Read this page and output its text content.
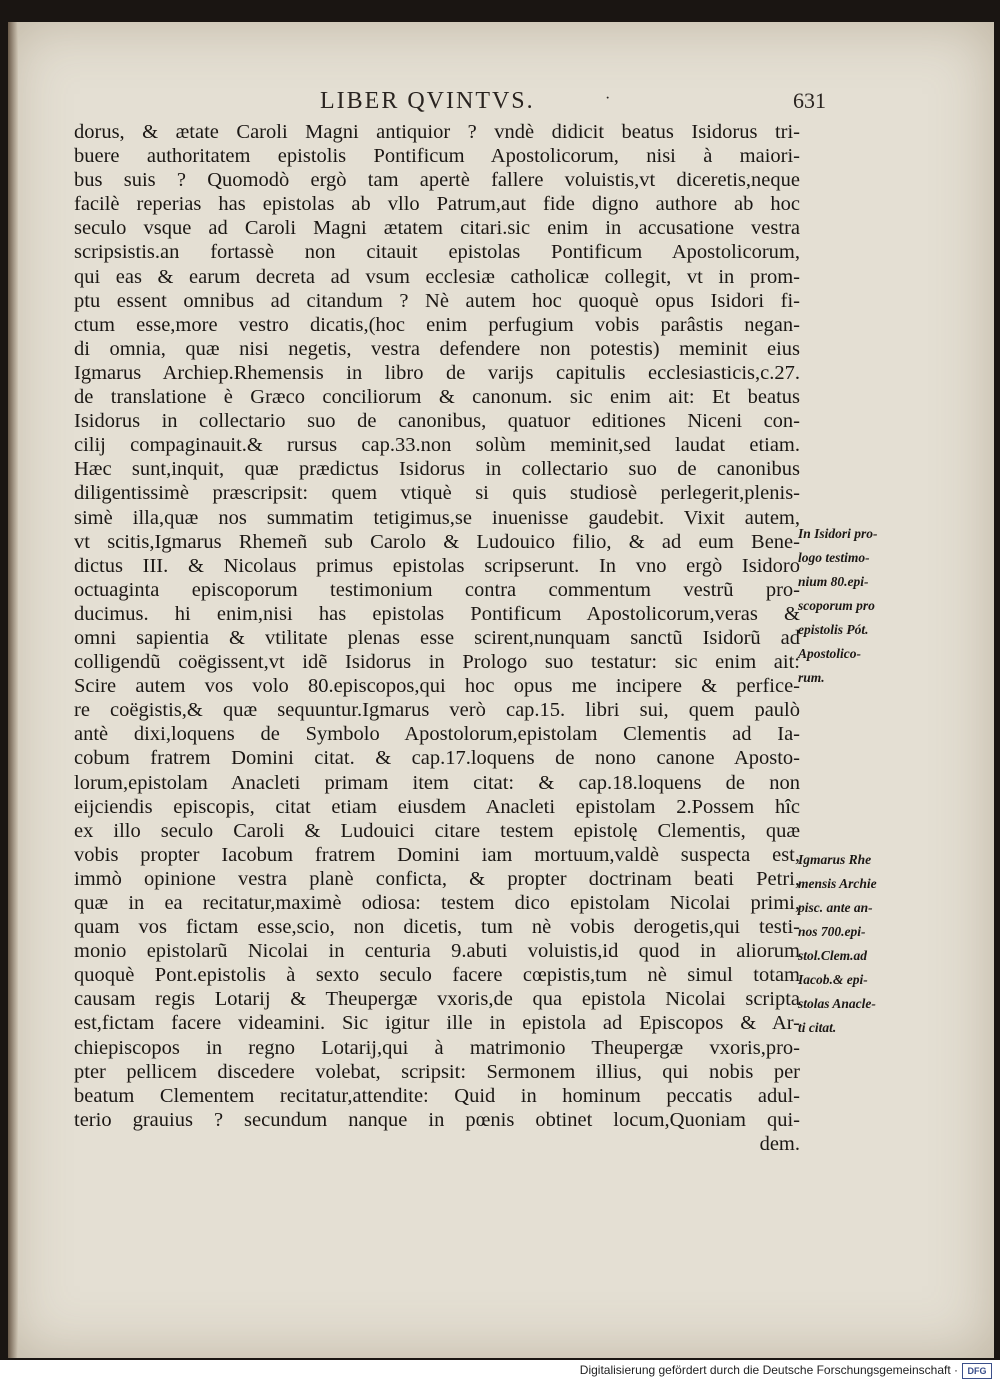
LIBER QVINTVS.	·	631
dorus, & ætate Caroli Magni antiquior ? vndè didicit beatus Isidorus tri-
buere authoritatem epistolis Pontificum Apostolicorum, nisi à maiori-
bus suis ? Quomodò ergò tam apertè fallere voluistis,vt diceretis,neque
facilè reperias has epistolas ab vllo Patrum,aut fide digno authore ab hoc
seculo vsque ad Caroli Magni ætatem citari.sic enim in accusatione vestra
scripsistis.an fortassè non citauit epistolas Pontificum Apostolicorum,
qui eas & earum decreta ad vsum ecclesiæ catholicæ collegit, vt in prom-
ptu essent omnibus ad citandum ? Nè autem hoc quoquè opus Isidori fi-
ctum esse,more vestro dicatis,(hoc enim perfugium vobis parâstis negan-
di omnia, quæ nisi negetis, vestra defendere non potestis) meminit eius
Igmarus Archiep.Rhemensis in libro de varijs capitulis ecclesiasticis,c.27.
de translatione è Græco conciliorum & canonum. sic enim ait: Et beatus
Isidorus in collectario suo de canonibus, quatuor editiones Niceni con-
cilij compaginauit.& rursus cap.33.non solùm meminit,sed laudat etiam.
Hæc sunt,inquit, quæ prædictus Isidorus in collectario suo de canonibus
diligentissimè præscripsit: quem vtiquè si quis studiosè perlegerit,plenis-
simè illa,quæ nos summatim tetigimus,se inuenisse gaudebit. Vixit autem,
vt scitis,Igmarus Rhemeñ sub Carolo & Ludouico filio, & ad eum Bene-
dictus III. & Nicolaus primus epistolas scripserunt. In vno ergò Isidoro
octuaginta episcoporum testimonium contra commentum vestrũ pro-
ducimus. hi enim,nisi has epistolas Pontificum Apostolicorum,veras &
omni sapientia & vtilitate plenas esse scirent,nunquam sanctũ Isidorũ ad
colligendũ coëgissent,vt idẽ Isidorus in Prologo suo testatur: sic enim ait:
Scire autem vos volo 80.episcopos,qui hoc opus me incipere & perfice-
re coëgistis,& quæ sequuntur.Igmarus verò cap.15. libri sui, quem paulò
antè dixi,loquens de Symbolo Apostolorum,epistolam Clementis ad Ia-
cobum fratrem Domini citat. & cap.17.loquens de nono canone Aposto-
lorum,epistolam Anacleti primam item citat: & cap.18.loquens de non
eijciendis episcopis, citat etiam eiusdem Anacleti epistolam 2.Possem hîc
ex illo seculo Caroli & Ludouici citare testem epistolę Clementis, quæ
vobis propter Iacobum fratrem Domini iam mortuum,valdè suspecta est,
immò opinione vestra planè conficta, & propter doctrinam beati Petri,
quæ in ea recitatur,maximè odiosa: testem dico epistolam Nicolai primi,
quam vos fictam esse,scio, non dicetis, tum nè vobis derogetis,qui testi-
monio epistolarũ Nicolai in centuria 9.abuti voluistis,id quod in aliorum
quoquè Pont.epistolis à sexto seculo facere cœpistis,tum nè simul totam
causam regis Lotarij & Theupergæ vxoris,de qua epistola Nicolai scripta
est,fictam facere videamini. Sic igitur ille in epistola ad Episcopos & Ar-
chiepiscopos in regno Lotarij,qui à matrimonio Theupergæ vxoris,pro-
pter pellicem discedere volebat, scripsit: Sermonem illius, qui nobis per
beatum Clementem recitatur,attendite: Quid in hominum peccatis adul-
terio grauius ? secundum nanque in pœnis obtinet locum,Quoniam qui-
dem.
In Isidori pro-
logo testimo-
nium 80.epi-
scoporum pro
epistolis Pót.
Apostolico-
rum.
Igmarus Rhe
mensis Archie
pisc. ante an-
nos 700.epi-
stol.Clem.ad
Iacob.& epi-
stolas Anacle-
ti citat.
Digitalisierung gefördert durch die Deutsche Forschungsgemeinschaft ·	DFG
